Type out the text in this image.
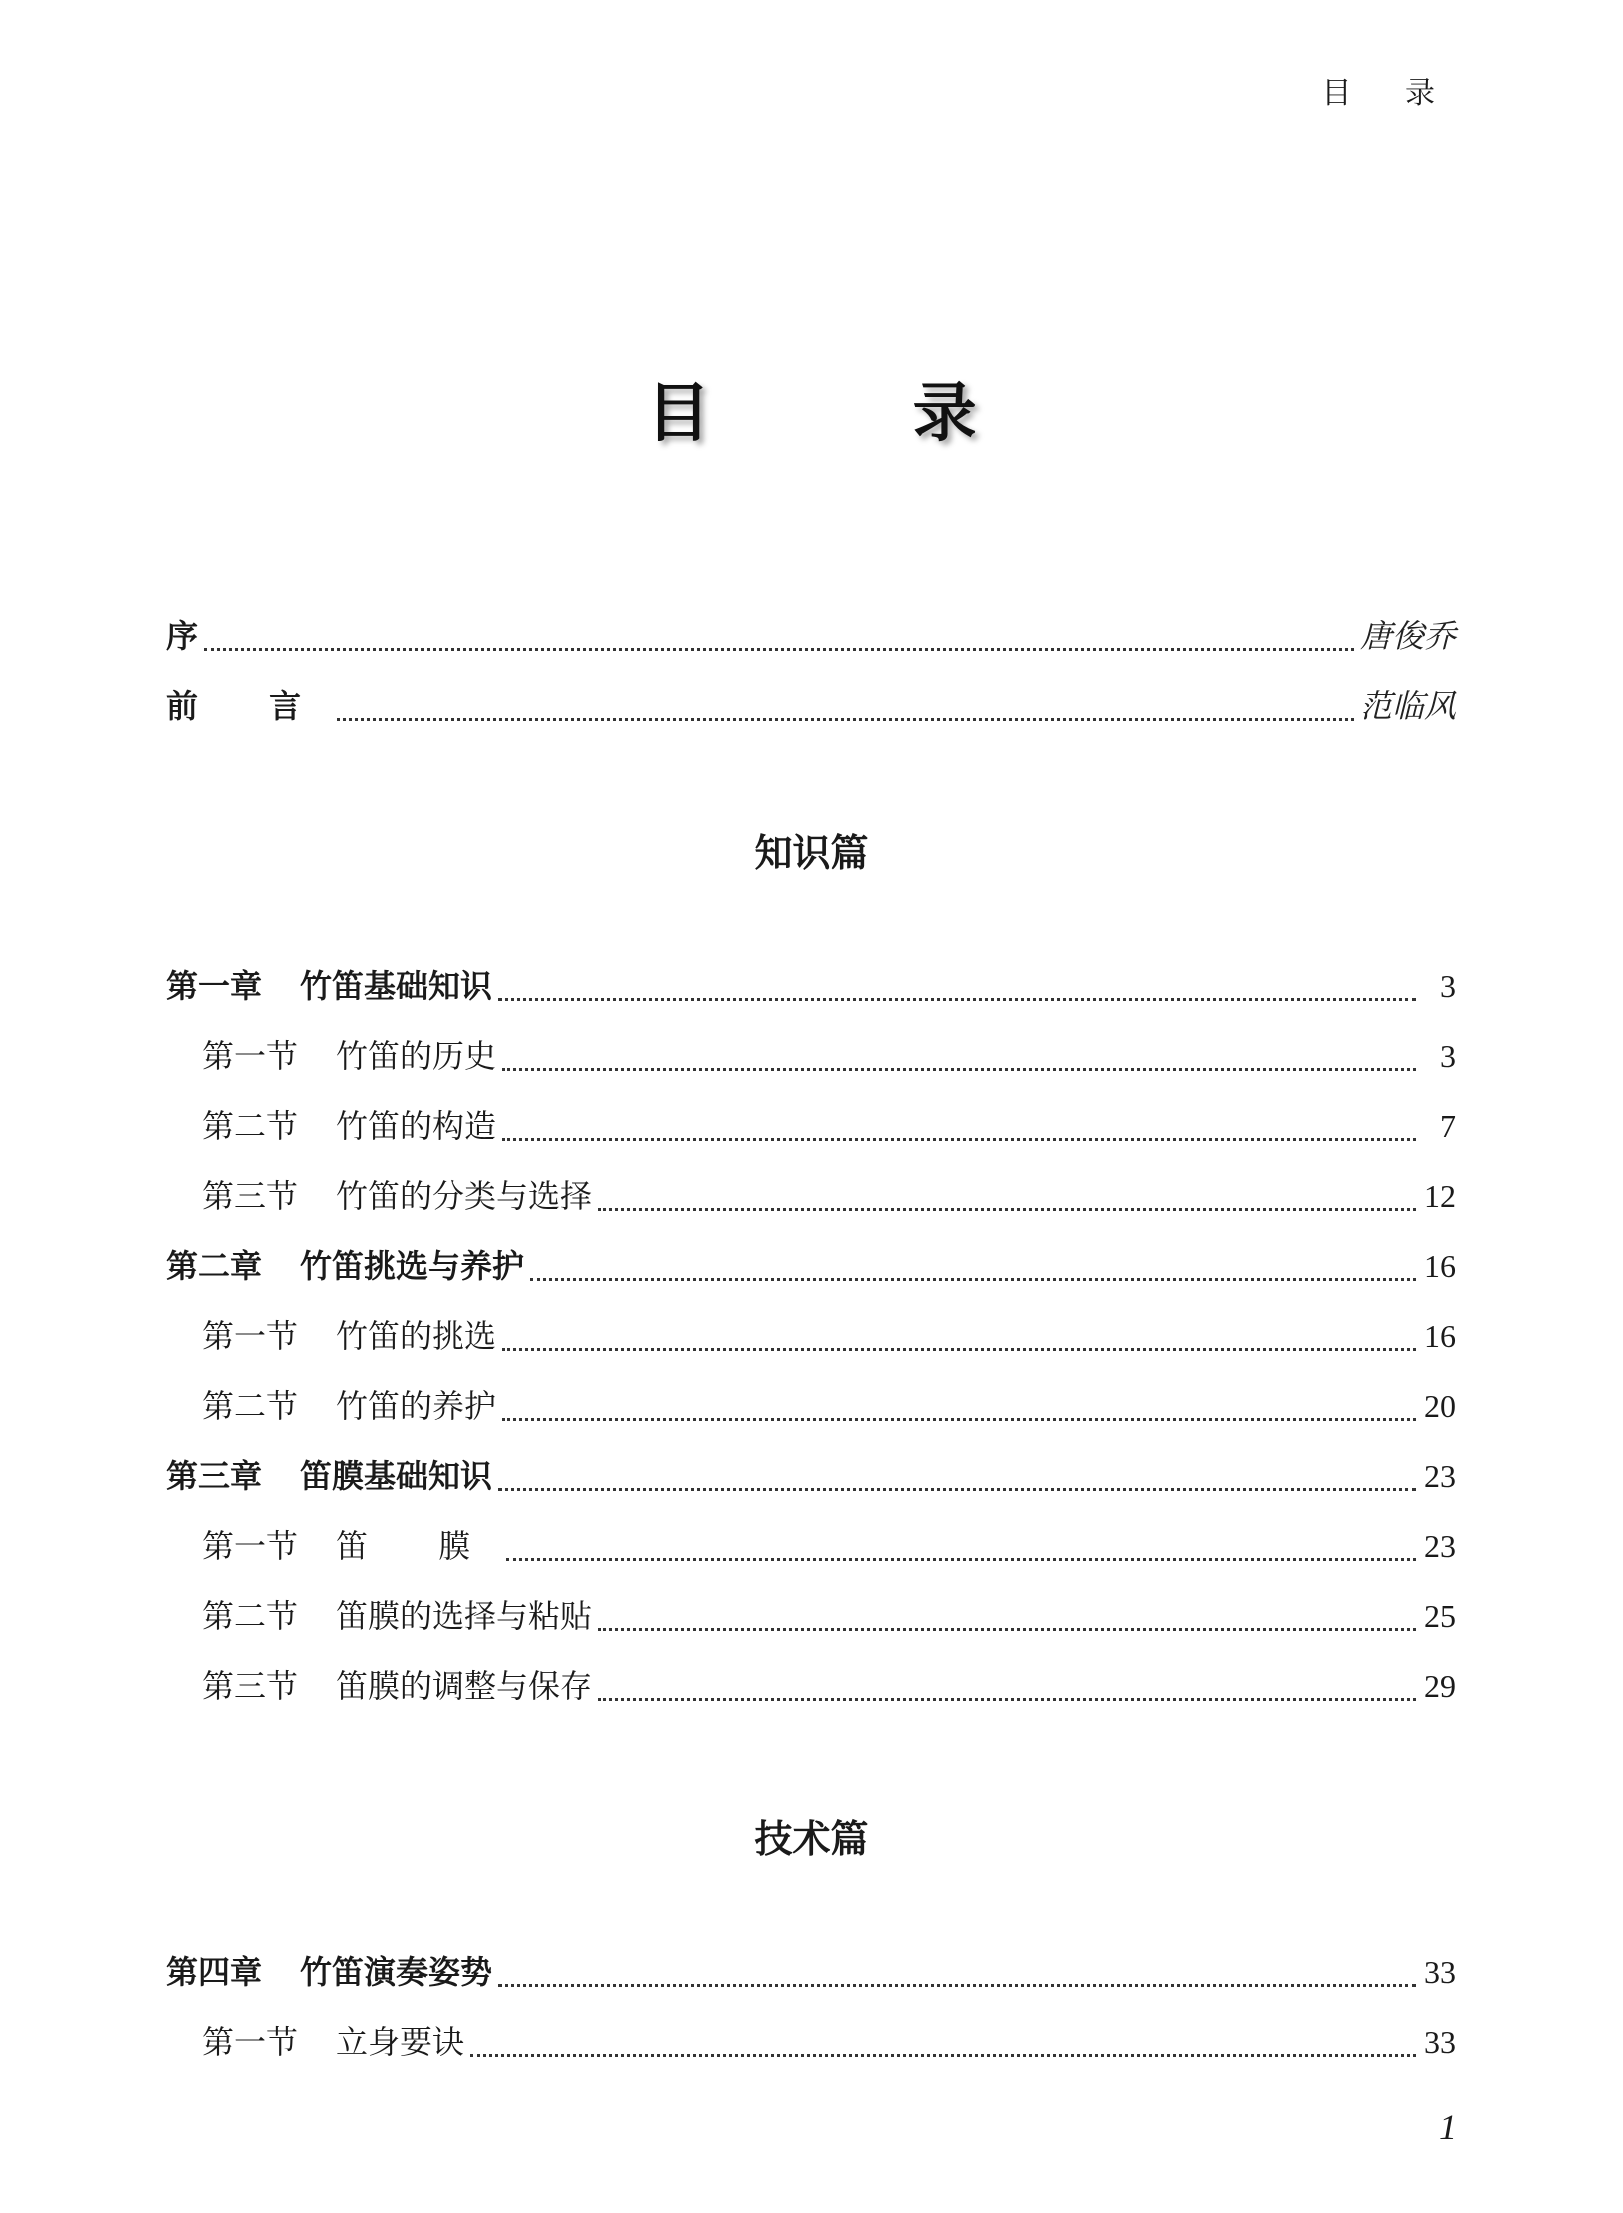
目 录
目 录
序	唐俊乔
前 言	范临风
知识篇
第一章 竹笛基础知识	3
第一节 竹笛的历史	3
第二节 竹笛的构造	7
第三节 竹笛的分类与选择	12
第二章 竹笛挑选与养护	16
第一节 竹笛的挑选	16
第二节 竹笛的养护	20
第三章 笛膜基础知识	23
第一节 笛 膜	23
第二节 笛膜的选择与粘贴	25
第三节 笛膜的调整与保存	29
技术篇
第四章 竹笛演奏姿势	33
第一节 立身要诀	33
1
